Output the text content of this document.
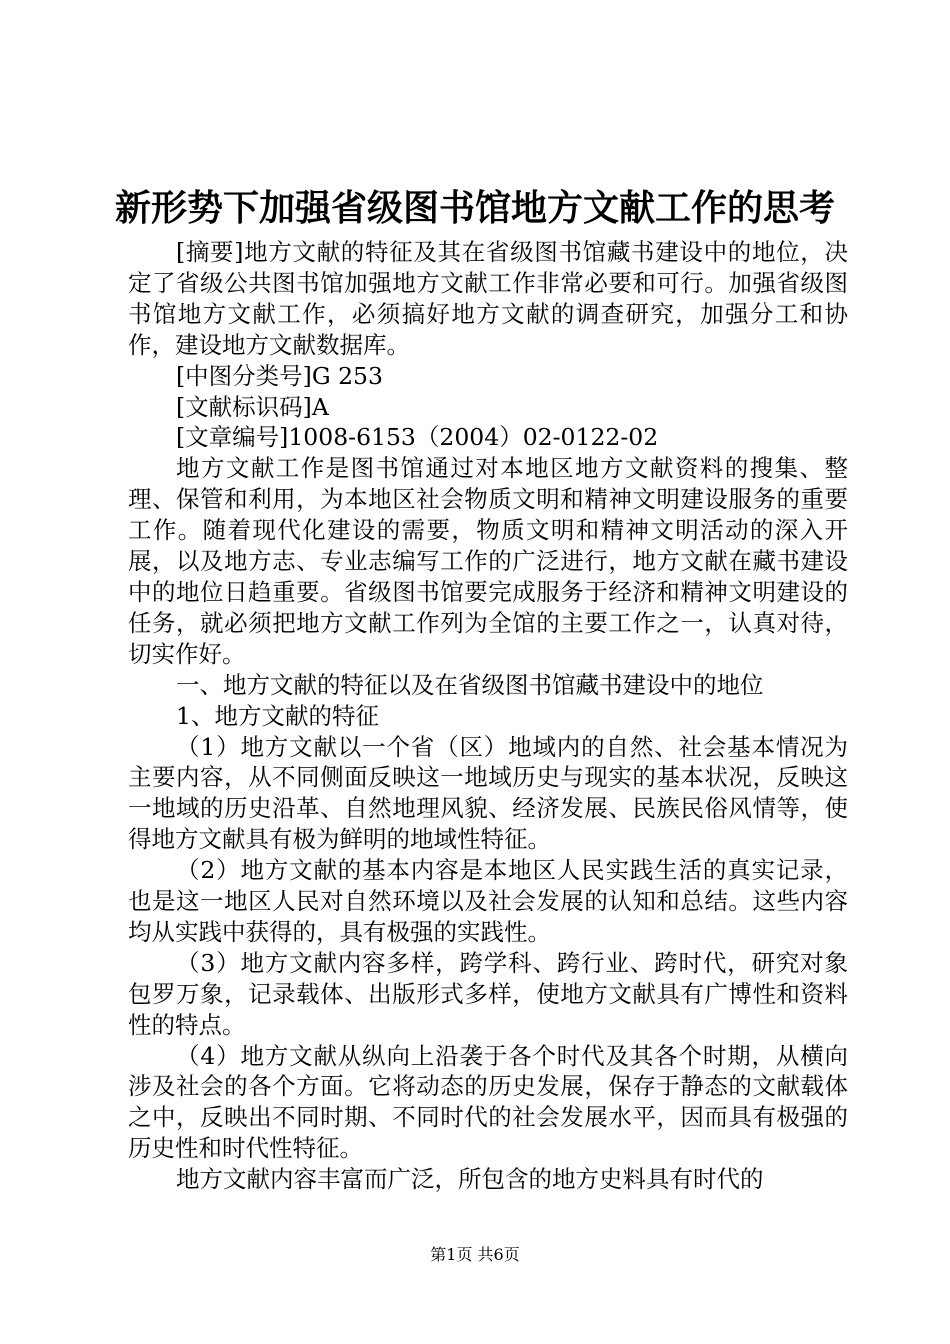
新形势下加强省级图书馆地方文献工作的思考

[摘要]地方文献的特征及其在省级图书馆藏书建设中的地位，决定了省级公共图书馆加强地方文献工作非常必要和可行。加强省级图书馆地方文献工作，必须搞好地方文献的调查研究，加强分工和协作，建设地方文献数据库。

[中图分类号]G 253

[文献标识码]A

[文章编号]1008-6153（2004）02-0122-02

地方文献工作是图书馆通过对本地区地方文献资料的搜集、整理、保管和利用，为本地区社会物质文明和精神文明建设服务的重要工作。随着现代化建设的需要，物质文明和精神文明活动的深入开展，以及地方志、专业志编写工作的广泛进行，地方文献在藏书建设中的地位日趋重要。省级图书馆要完成服务于经济和精神文明建设的任务，就必须把地方文献工作列为全馆的主要工作之一，认真对待，切实作好。

一、地方文献的特征以及在省级图书馆藏书建设中的地位

1、地方文献的特征

（1）地方文献以一个省（区）地域内的自然、社会基本情况为主要内容，从不同侧面反映这一地域历史与现实的基本状况，反映这一地域的历史沿革、自然地理风貌、经济发展、民族民俗风情等，使得地方文献具有极为鲜明的地域性特征。

（2）地方文献的基本内容是本地区人民实践生活的真实记录，也是这一地区人民对自然环境以及社会发展的认知和总结。这些内容均从实践中获得的，具有极强的实践性。

（3）地方文献内容多样，跨学科、跨行业、跨时代，研究对象包罗万象，记录载体、出版形式多样，使地方文献具有广博性和资料性的特点。

（4）地方文献从纵向上沿袭于各个时代及其各个时期，从横向涉及社会的各个方面。它将动态的历史发展，保存于静态的文献载体之中，反映出不同时期、不同时代的社会发展水平，因而具有极强的历史性和时代性特征。

地方文献内容丰富而广泛，所包含的地方史料具有时代的

第1页 共6页
